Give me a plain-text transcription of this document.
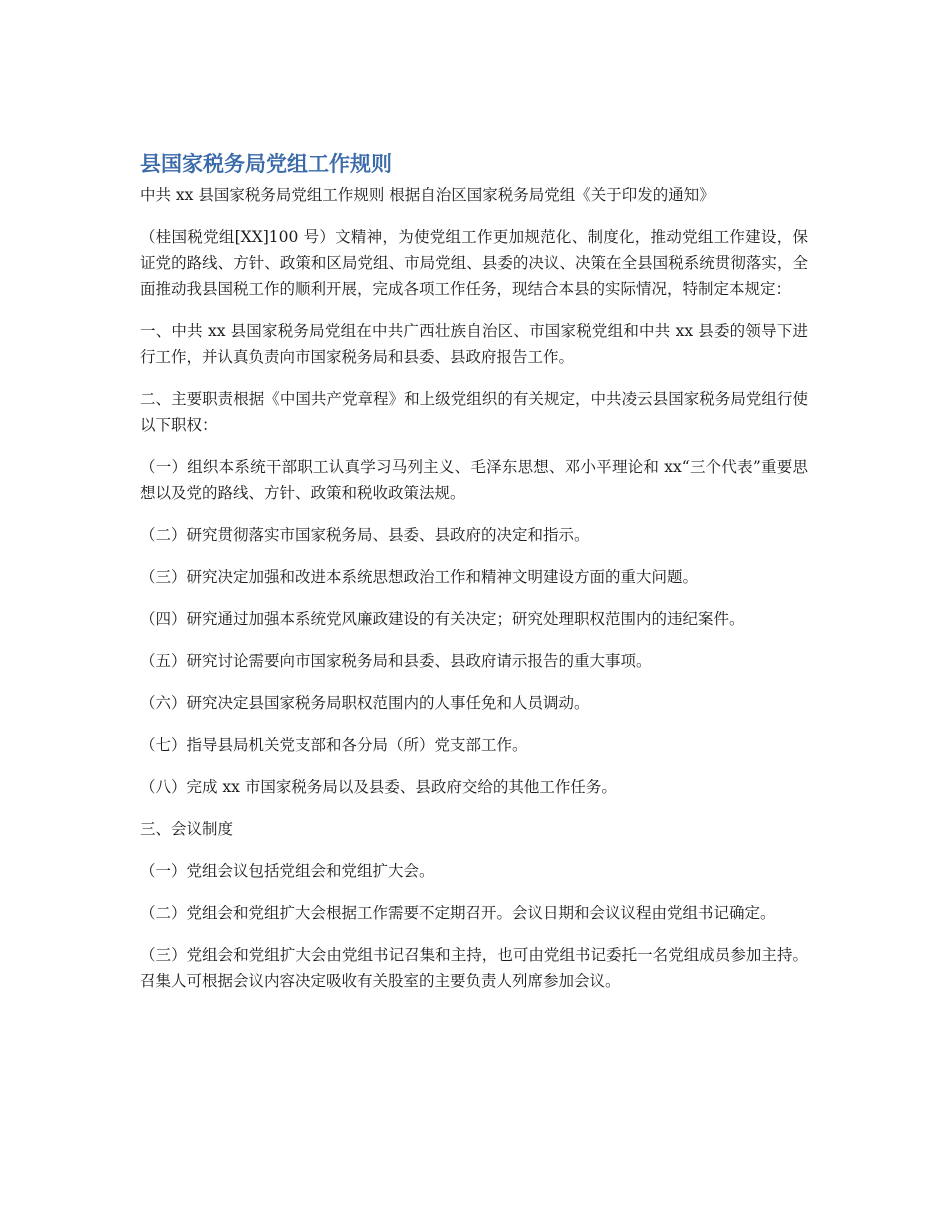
县国家税务局党组工作规则

中共 xx 县国家税务局党组工作规则 根据自治区国家税务局党组《关于印发的通知》

（桂国税党组[XX]100 号）文精神，为使党组工作更加规范化、制度化，推动党组工作建设，保证党的路线、方针、政策和区局党组、市局党组、县委的决议、决策在全县国税系统贯彻落实，全面推动我县国税工作的顺利开展，完成各项工作任务，现结合本县的实际情况，特制定本规定：

一、中共 xx 县国家税务局党组在中共广西壮族自治区、市国家税党组和中共 xx 县委的领导下进行工作，并认真负责向市国家税务局和县委、县政府报告工作。

二、主要职责根据《中国共产党章程》和上级党组织的有关规定，中共凌云县国家税务局党组行使以下职权：

（一）组织本系统干部职工认真学习马列主义、毛泽东思想、邓小平理论和 xx“三个代表”重要思想以及党的路线、方针、政策和税收政策法规。

（二）研究贯彻落实市国家税务局、县委、县政府的决定和指示。

（三）研究决定加强和改进本系统思想政治工作和精神文明建设方面的重大问题。

（四）研究通过加强本系统党风廉政建设的有关决定；研究处理职权范围内的违纪案件。

（五）研究讨论需要向市国家税务局和县委、县政府请示报告的重大事项。

（六）研究决定县国家税务局职权范围内的人事任免和人员调动。

（七）指导县局机关党支部和各分局（所）党支部工作。

（八）完成 xx 市国家税务局以及县委、县政府交给的其他工作任务。

三、会议制度

（一）党组会议包括党组会和党组扩大会。

（二）党组会和党组扩大会根据工作需要不定期召开。会议日期和会议议程由党组书记确定。

（三）党组会和党组扩大会由党组书记召集和主持，也可由党组书记委托一名党组成员参加主持。召集人可根据会议内容决定吸收有关股室的主要负责人列席参加会议。
